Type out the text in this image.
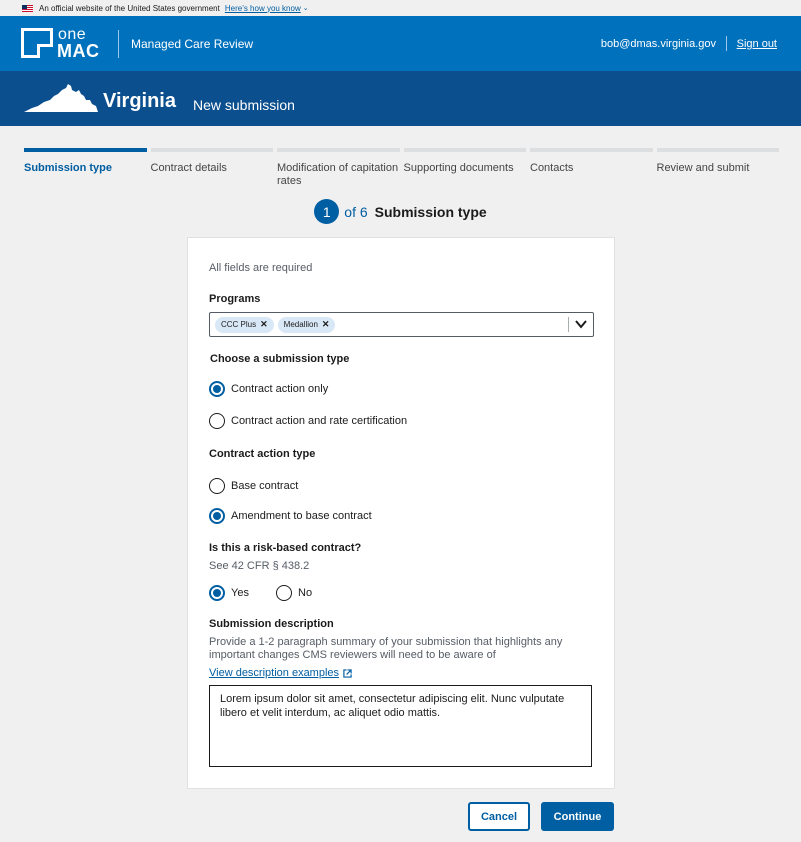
An official website of the United States government Here’s how you know ⌄
one
MAC	Managed Care Review	bob@dmas.virginia.gov Sign out
Virginia New submission
Submission type	Contract details	Modification of capitation rates
Supporting documents	Contacts	Review and submit
1 of 6 Submission type
All fields are required
Programs
CCC Plus ✕ Medallion ✕
Choose a submission type
Contract action only
Contract action and rate certification
Contract action type
Base contract
Amendment to base contract
Is this a risk-based contract?
See 42 CFR § 438.2
Yes	No
Submission description
Provide a 1-2 paragraph summary of your submission that highlights any important changes CMS reviewers will need to be aware of
View description examples
Lorem ipsum dolor sit amet, consectetur adipiscing elit. Nunc vulputate libero et velit interdum, ac aliquet odio mattis.
Cancel	Continue
